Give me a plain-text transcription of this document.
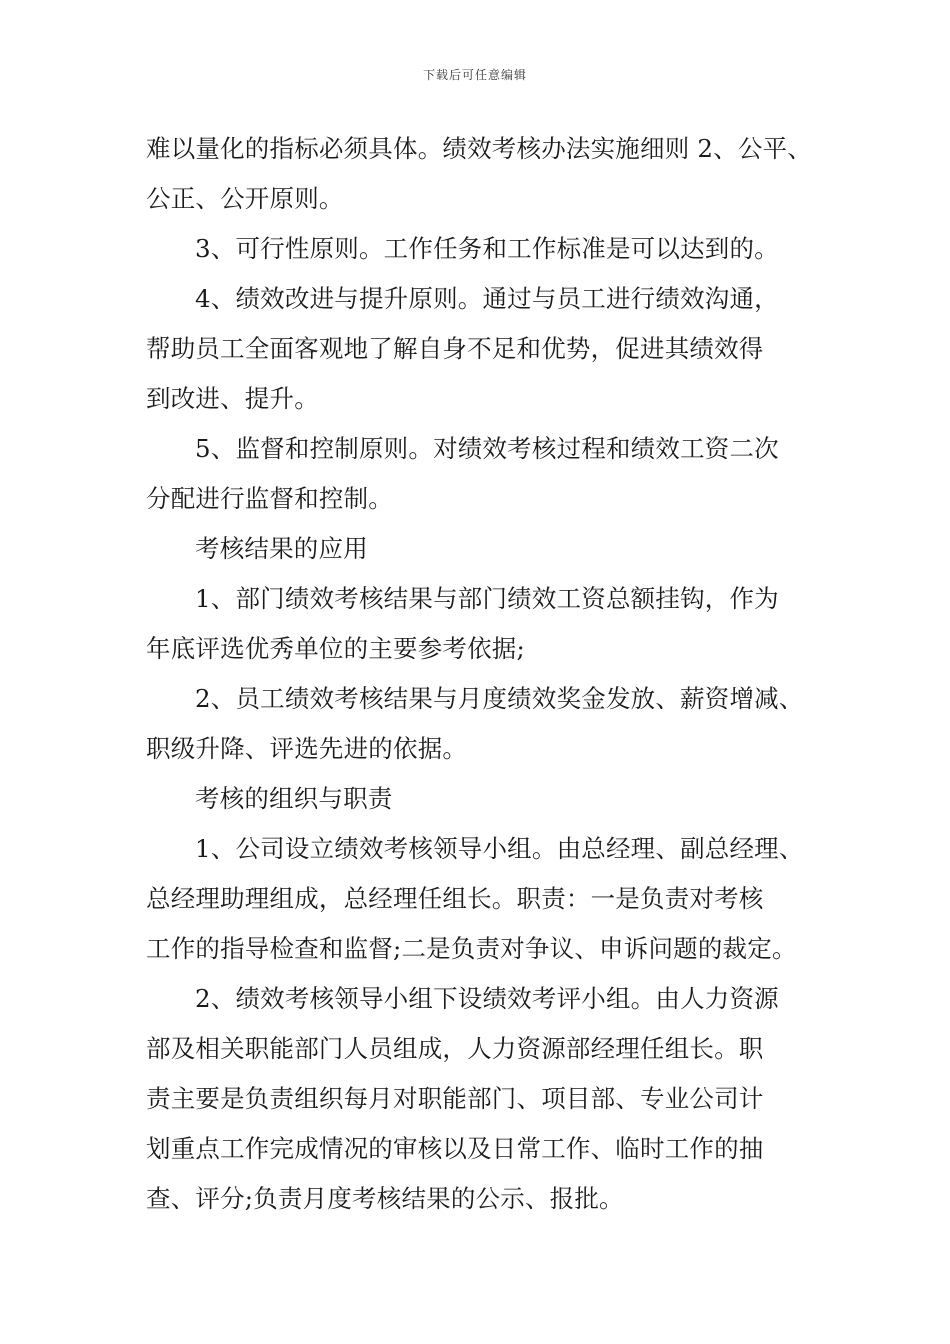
下载后可任意编辑
难以量化的指标必须具体。绩效考核办法实施细则 2、公平、
公正、公开原则。
3、可行性原则。工作任务和工作标准是可以达到的。
4、绩效改进与提升原则。通过与员工进行绩效沟通，
帮助员工全面客观地了解自身不足和优势，促进其绩效得
到改进、提升。
5、监督和控制原则。对绩效考核过程和绩效工资二次
分配进行监督和控制。
考核结果的应用
1、部门绩效考核结果与部门绩效工资总额挂钩，作为
年底评选优秀单位的主要参考依据;
2、员工绩效考核结果与月度绩效奖金发放、薪资增减、
职级升降、评选先进的依据。
考核的组织与职责
1、公司设立绩效考核领导小组。由总经理、副总经理、
总经理助理组成，总经理任组长。职责：一是负责对考核
工作的指导检查和监督;二是负责对争议、申诉问题的裁定。
2、绩效考核领导小组下设绩效考评小组。由人力资源
部及相关职能部门人员组成，人力资源部经理任组长。职
责主要是负责组织每月对职能部门、项目部、专业公司计
划重点工作完成情况的审核以及日常工作、临时工作的抽
查、评分;负责月度考核结果的公示、报批。
